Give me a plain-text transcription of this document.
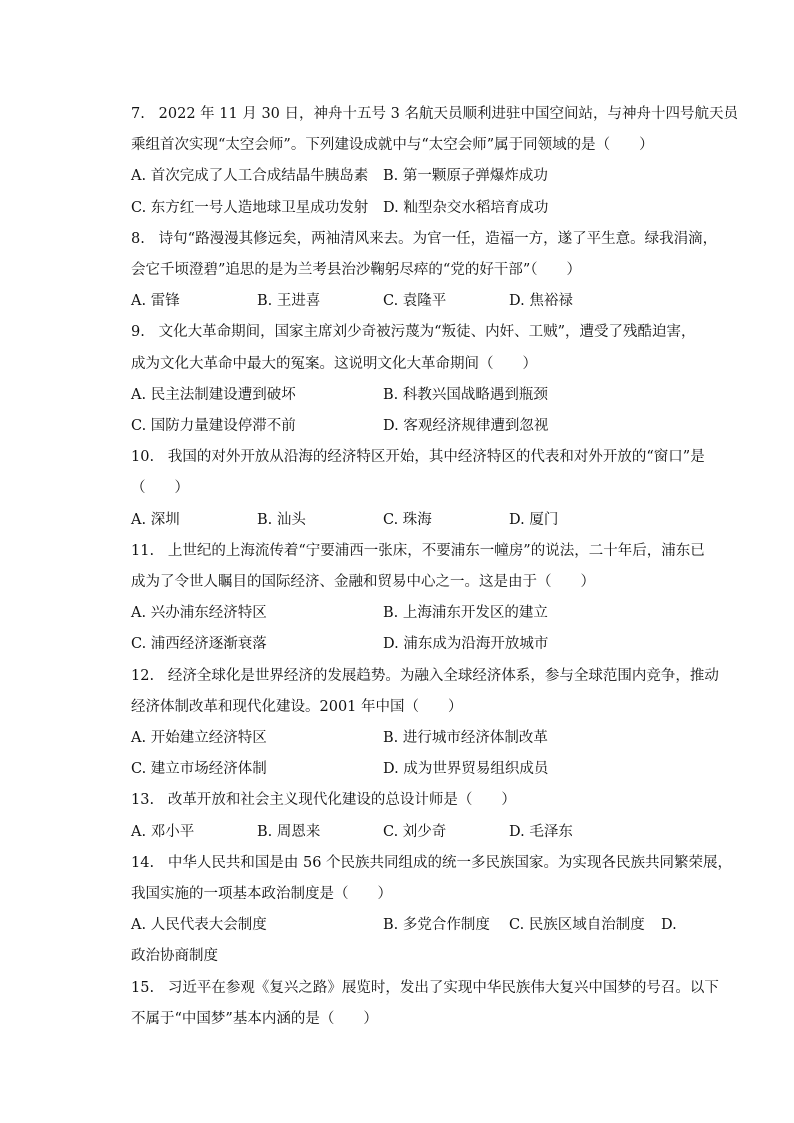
7. 2022 年 11 月 30 日，神舟十五号 3 名航天员顺利进驻中国空间站，与神舟十四号航天员
乘组首次实现“太空会师”。下列建设成就中与“太空会师”属于同领域的是（　　）
A. 首次完成了人工合成结晶牛胰岛素	B. 第一颗原子弹爆炸成功
C. 东方红一号人造地球卫星成功发射	D. 籼型杂交水稻培育成功
8. 诗句“路漫漫其修远矣，两袖清风来去。为官一任，造福一方，遂了平生意。绿我涓滴，
会它千顷澄碧”追思的是为兰考县治沙鞠躬尽瘁的“党的好干部”（　　）
A. 雷锋	B. 王进喜	C. 袁隆平	D. 焦裕禄
9. 文化大革命期间，国家主席刘少奇被污蔑为“叛徒、内奸、工贼”，遭受了残酷迫害，
成为文化大革命中最大的冤案。这说明文化大革命期间（　　）
A. 民主法制建设遭到破坏	B. 科教兴国战略遇到瓶颈
C. 国防力量建设停滞不前	D. 客观经济规律遭到忽视
10. 我国的对外开放从沿海的经济特区开始，其中经济特区的代表和对外开放的“窗口”是
（　　）
A. 深圳	B. 汕头	C. 珠海	D. 厦门
11. 上世纪的上海流传着“宁要浦西一张床，不要浦东一幢房”的说法，二十年后，浦东已
成为了令世人瞩目的国际经济、金融和贸易中心之一。这是由于（　　）
A. 兴办浦东经济特区	B. 上海浦东开发区的建立
C. 浦西经济逐渐衰落	D. 浦东成为沿海开放城市
12. 经济全球化是世界经济的发展趋势。为融入全球经济体系，参与全球范围内竞争，推动
经济体制改革和现代化建设。2001 年中国（　　）
A. 开始建立经济特区	B. 进行城市经济体制改革
C. 建立市场经济体制	D. 成为世界贸易组织成员
13. 改革开放和社会主义现代化建设的总设计师是（　　）
A. 邓小平	B. 周恩来	C. 刘少奇	D. 毛泽东
14. 中华人民共和国是由 56 个民族共同组成的统一多民族国家。为实现各民族共同繁荣展，
我国实施的一项基本政治制度是（　　）
A. 人民代表大会制度	B. 多党合作制度 C. 民族区域自治制度 D.
政治协商制度
15. 习近平在参观《复兴之路》展览时，发出了实现中华民族伟大复兴中国梦的号召。以下
不属于“中国梦”基本内涵的是（　　）
